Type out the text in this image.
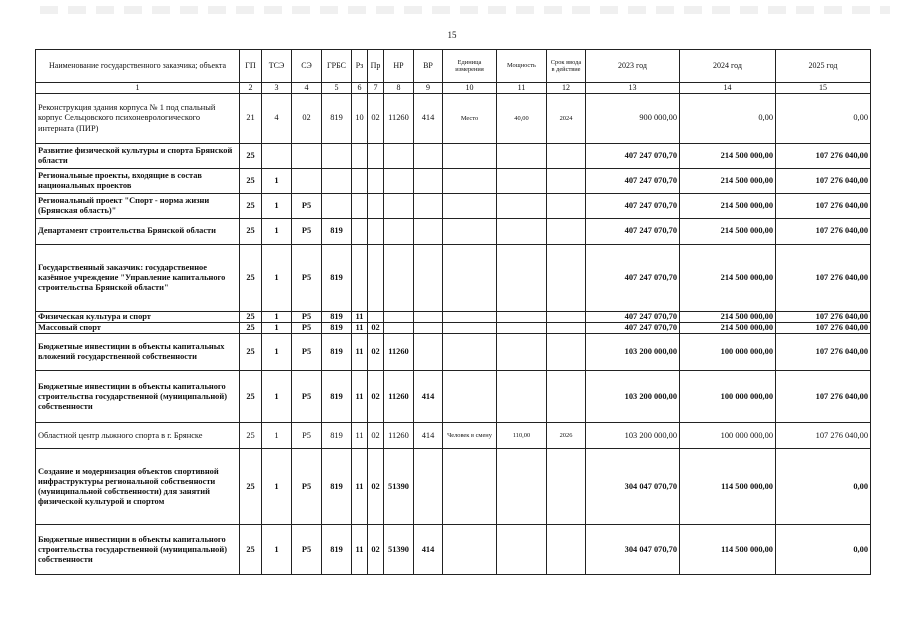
15
Наименование государственного заказчика; объекта	ГП	ТСЭ	СЭ	ГРБС	Рз	Пр	НР	ВР	Единица измерения	Мощность	Срок ввода в действие	2023 год	2024 год	2025 год
1	2	3	4	5	6	7	8	9	10	11	12	13	14	15
Реконструкция здания корпуса № 1 под спальный корпус Сельцовского психоневрологического интерната (ПИР)	21	4	02	819	10	02	11260	414	Место	40,00	2024	900 000,00	0,00	0,00
Развитие физической культуры и спорта Брянской области	25											407 247 070,70	214 500 000,00	107 276 040,00
Региональные проекты, входящие в состав национальных проектов	25	1										407 247 070,70	214 500 000,00	107 276 040,00
Региональный проект "Спорт - норма жизни (Брянская область)"	25	1	P5									407 247 070,70	214 500 000,00	107 276 040,00
Департамент строительства Брянской области	25	1	P5	819								407 247 070,70	214 500 000,00	107 276 040,00
Государственный заказчик: государственное казённое учреждение "Управление капитального строительства Брянской области"	25	1	P5	819								407 247 070,70	214 500 000,00	107 276 040,00
Физическая культура и спорт	25	1	P5	819	11							407 247 070,70	214 500 000,00	107 276 040,00
Массовый спорт	25	1	P5	819	11	02						407 247 070,70	214 500 000,00	107 276 040,00
Бюджетные инвестиции в объекты капитальных вложений государственной собственности	25	1	P5	819	11	02	11260					103 200 000,00	100 000 000,00	107 276 040,00
Бюджетные инвестиции в объекты капитального строительства государственной (муниципальной) собственности	25	1	P5	819	11	02	11260	414				103 200 000,00	100 000 000,00	107 276 040,00
Областной центр лыжного спорта в г. Брянске	25	1	P5	819	11	02	11260	414	Человек в смену	110,00	2026	103 200 000,00	100 000 000,00	107 276 040,00
Создание и модернизация объектов спортивной инфраструктуры региональной собственности (муниципальной собственности) для занятий физической культурой и спортом	25	1	P5	819	11	02	51390					304 047 070,70	114 500 000,00	0,00
Бюджетные инвестиции в объекты капитального строительства государственной (муниципальной) собственности	25	1	P5	819	11	02	51390	414				304 047 070,70	114 500 000,00	0,00
